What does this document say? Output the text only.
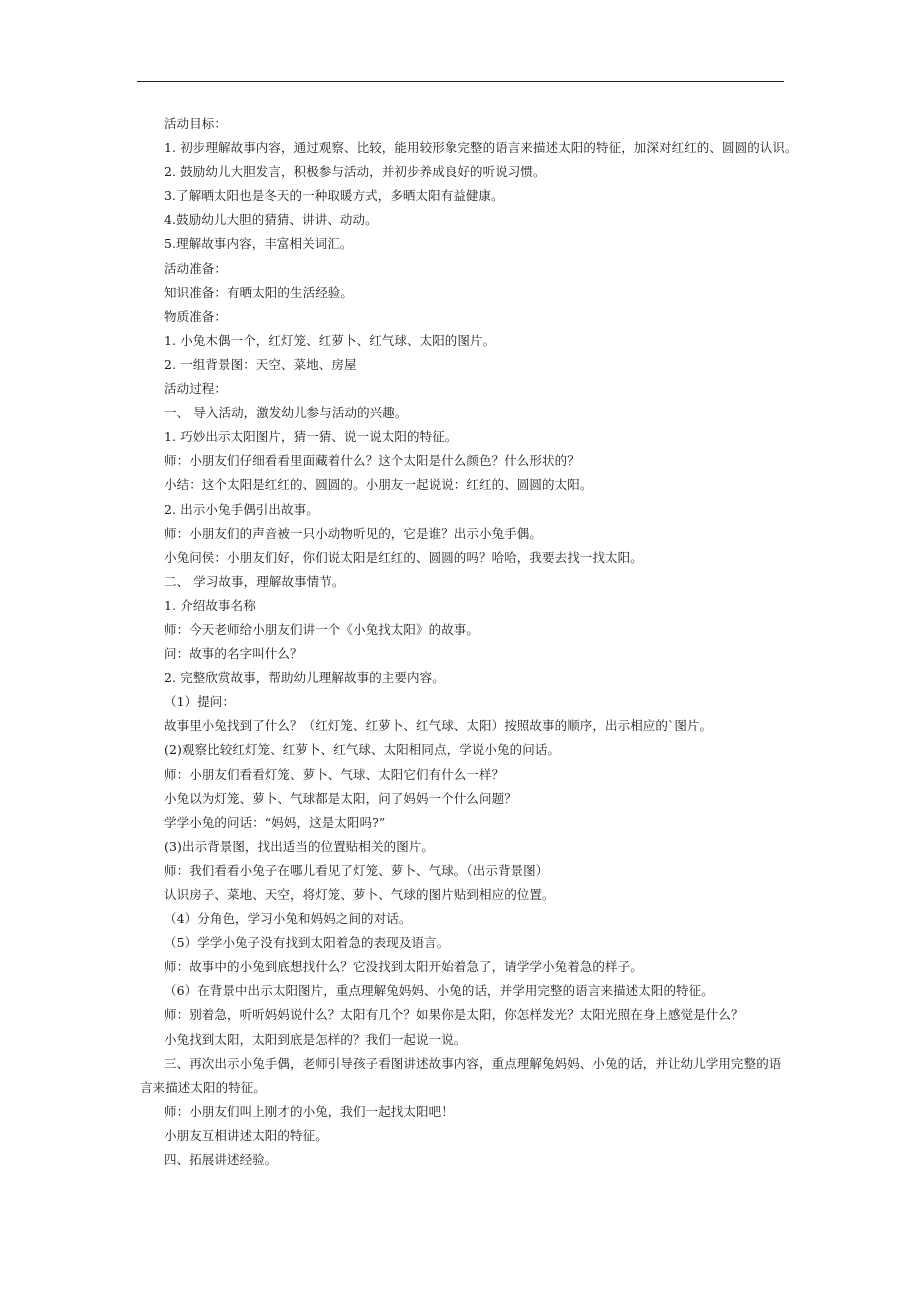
活动目标：

1. 初步理解故事内容，通过观察、比较，能用较形象完整的语言来描述太阳的特征，加深对红红的、圆圆的认识。

2. 鼓励幼儿大胆发言，积极参与活动，并初步养成良好的听说习惯。

3.了解晒太阳也是冬天的一种取暖方式，多晒太阳有益健康。

4.鼓励幼儿大胆的猜猜、讲讲、动动。

5.理解故事内容，丰富相关词汇。

活动准备：

知识准备：有晒太阳的生活经验。

物质准备：

1. 小兔木偶一个，红灯笼、红萝卜、红气球、太阳的图片。

2. 一组背景图：天空、菜地、房屋

活动过程：

一、 导入活动，激发幼儿参与活动的兴趣。

1. 巧妙出示太阳图片，猜一猜、说一说太阳的特征。

师：小朋友们仔细看看里面藏着什么？这个太阳是什么颜色？什么形状的？

小结：这个太阳是红红的、圆圆的。小朋友一起说说：红红的、圆圆的太阳。

2. 出示小兔手偶引出故事。

师：小朋友们的声音被一只小动物听见的，它是谁？出示小兔手偶。

小兔问侯：小朋友们好，你们说太阳是红红的、圆圆的吗？哈哈，我要去找一找太阳。

二、 学习故事，理解故事情节。

1. 介绍故事名称

师：今天老师给小朋友们讲一个《小兔找太阳》的故事。

问：故事的名字叫什么？

2. 完整欣赏故事，帮助幼儿理解故事的主要内容。

（1）提问：

故事里小兔找到了什么？（红灯笼、红萝卜、红气球、太阳）按照故事的顺序，出示相应的`图片。

(2)观察比较红灯笼、红萝卜、红气球、太阳相同点，学说小兔的问话。

师：小朋友们看看灯笼、萝卜、气球、太阳它们有什么一样？

小兔以为灯笼、萝卜、气球都是太阳，问了妈妈一个什么问题？

学学小兔的问话：“妈妈，这是太阳吗?”

(3)出示背景图，找出适当的位置贴相关的图片。

师：我们看看小兔子在哪儿看见了灯笼、萝卜、气球。（出示背景图）

认识房子、菜地、天空，将灯笼、萝卜、气球的图片贴到相应的位置。

（4）分角色，学习小兔和妈妈之间的对话。

（5）学学小兔子没有找到太阳着急的表现及语言。

师：故事中的小兔到底想找什么？它没找到太阳开始着急了，请学学小兔着急的样子。

（6）在背景中出示太阳图片，重点理解兔妈妈、小兔的话，并学用完整的语言来描述太阳的特征。

师：别着急，听听妈妈说什么？太阳有几个？如果你是太阳，你怎样发光？太阳光照在身上感觉是什么？

小兔找到太阳，太阳到底是怎样的？我们一起说一说。

三、再次出示小兔手偶，老师引导孩子看图讲述故事内容，重点理解兔妈妈、小兔的话，并让幼儿学用完整的语言来描述太阳的特征。

师：小朋友们叫上刚才的小兔，我们一起找太阳吧！

小朋友互相讲述太阳的特征。

四、拓展讲述经验。
